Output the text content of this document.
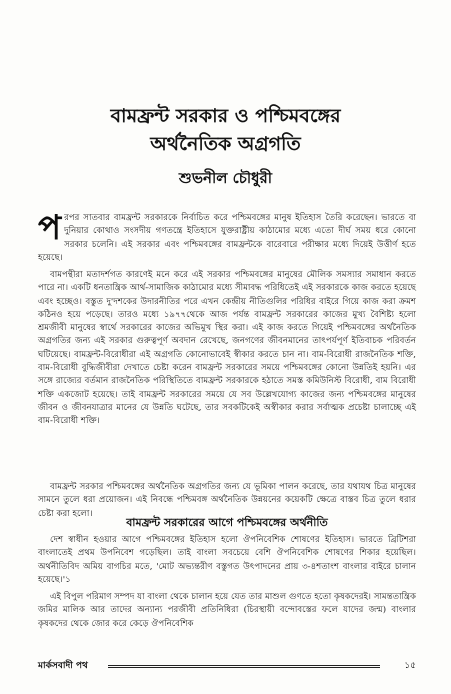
বামফ্রন্ট সরকার ও পশ্চিমবঙ্গের
অর্থনৈতিক অগ্রগতি
শুভনীল চৌধুরী

প রপর সাতবার বামফ্রন্ট সরকারকে নির্বাচিত করে পশ্চিমবঙ্গের মানুষ ইতিহাস তৈরি করেছেন। ভারতে বা দুনিয়ার কোথাও সংসদীয় গণতন্ত্রে ইতিহাসে যুক্তরাষ্ট্রীয় কাঠামোর মধ্যে এতো দীর্ঘ সময় ধরে কোনো সরকার চলেনি। এই সরকার এবং পশ্চিমবঙ্গের বামফ্রন্টকে বারেবারে পরীক্ষার মধ্যে দিয়েই উত্তীর্ণ হতে হয়েছে।

বামপন্থীরা মতাদর্শগত কারণেই মনে করে এই সরকার পশ্চিমবঙ্গের মানুষের মৌলিক সমস্যার সমাধান করতে পারে না। একটি ধনতান্ত্রিক আর্থ-সামাজিক কাঠামোর মধ্যে সীমাবদ্ধ পরিধিতেই এই সরকারকে কাজ করতে হয়েছে এবং হচ্ছেও। বস্তুত দু'দশকের উদারনীতির পরে এখন কেন্দ্রীয় নীতিগুলির পরিধির বাইরে গিয়ে কাজ করা ক্রমশ কঠিনও হয়ে পড়েছে। তারও মধ্যে ১৯৭৭থেকে আজ পর্যন্ত বামফ্রন্ট সরকারের কাজের মুখ্য বৈশিষ্ট্য হলো শ্রমজীবী মানুষের স্বার্থে সরকারের কাজের অভিমুখ স্থির করা। এই কাজ করতে গিয়েই পশ্চিমবঙ্গের অর্থনৈতিক অগ্রগতির জন্য এই সরকার গুরুত্বপূর্ণ অবদান রেখেছে, জনগণের জীবনমানের তাৎপর্যপূর্ণ ইতিবাচক পরিবর্তন ঘটিয়েছে। বামফ্রন্ট-বিরোধীরা এই অগ্রগতি কোনোভাবেই স্বীকার করতে চান না। বাম-বিরোধী রাজনৈতিক শক্তি, বাম-বিরোধী বুদ্ধিজীবীরা দেখাতে চেষ্টা করেন বামফ্রন্ট সরকারের সময়ে পশ্চিমবঙ্গের কোনো উন্নতিই হয়নি। এর সঙ্গে রাজ্যের বর্তমান রাজনৈতিক পরিস্থিতিতে বামফ্রন্ট সরকারকে হঠাতে সমস্ত কমিউনিস্ট বিরোধী, বাম বিরোধী শক্তি একজোট হয়েছে। তাই বামফ্রন্ট সরকারের সময়ে যে সব উল্লেখযোগ্য কাজের জন্য পশ্চিমবঙ্গের মানুষের জীবন ও জীবনযাত্রার মানের যে উন্নতি ঘটেছে, তার সবকটিকেই অস্বীকার করার সর্বাত্মক প্রচেষ্টা চালাচ্ছে এই বাম-বিরোধী শক্তি।

বামফ্রন্ট সরকার পশ্চিমবঙ্গের অর্থনৈতিক অগ্রগতির জন্য যে ভূমিকা পালন করেছে, তার যথাযথ চিত্র মানুষের সামনে তুলে ধরা প্রয়োজন। এই নিবন্ধে পশ্চিমবঙ্গ অর্থনৈতিক উন্নয়নের কয়েকটি ক্ষেত্রে বাস্তব চিত্র তুলে ধরার চেষ্টা করা হলো।

বামফ্রন্ট সরকারের আগে পশ্চিমবঙ্গের অর্থনীতি

দেশ স্বাধীন হওয়ার আগে পশ্চিমবঙ্গের ইতিহাস হলো ঔপনিবেশিক শোষণের ইতিহাস। ভারতে ব্রিটিশরা বাংলাতেই প্রথম উপনিবেশ গড়েছিল। তাই বাংলা সবচেয়ে বেশি ঔপনিবেশিক শোষণের শিকার হয়েছিল। অর্থনীতিবিদ অমিয় বাগচির মতে, 'মোট অভ্যন্তরীণ বস্তুগত উৎপাদনের প্রায় ৩-৪শতাংশ বাংলার বাইরে চালান হয়েছে।'১

এই বিপুল পরিমাণ সম্পদ যা বাংলা থেকে চালান হয়ে যেত তার মাশুল গুণতে হতো কৃষকদেরই। সামন্ততান্ত্রিক জমির মালিক আর তাদের অন্যান্য পরজীবী প্রতিনিধিরা (চিরস্থায়ী বন্দোবস্তের ফলে যাদের জন্ম) বাংলার কৃষকদের থেকে জোর করে কেড়ে ঔপনিবেশিক

মার্কসবাদী পথ	১৫
